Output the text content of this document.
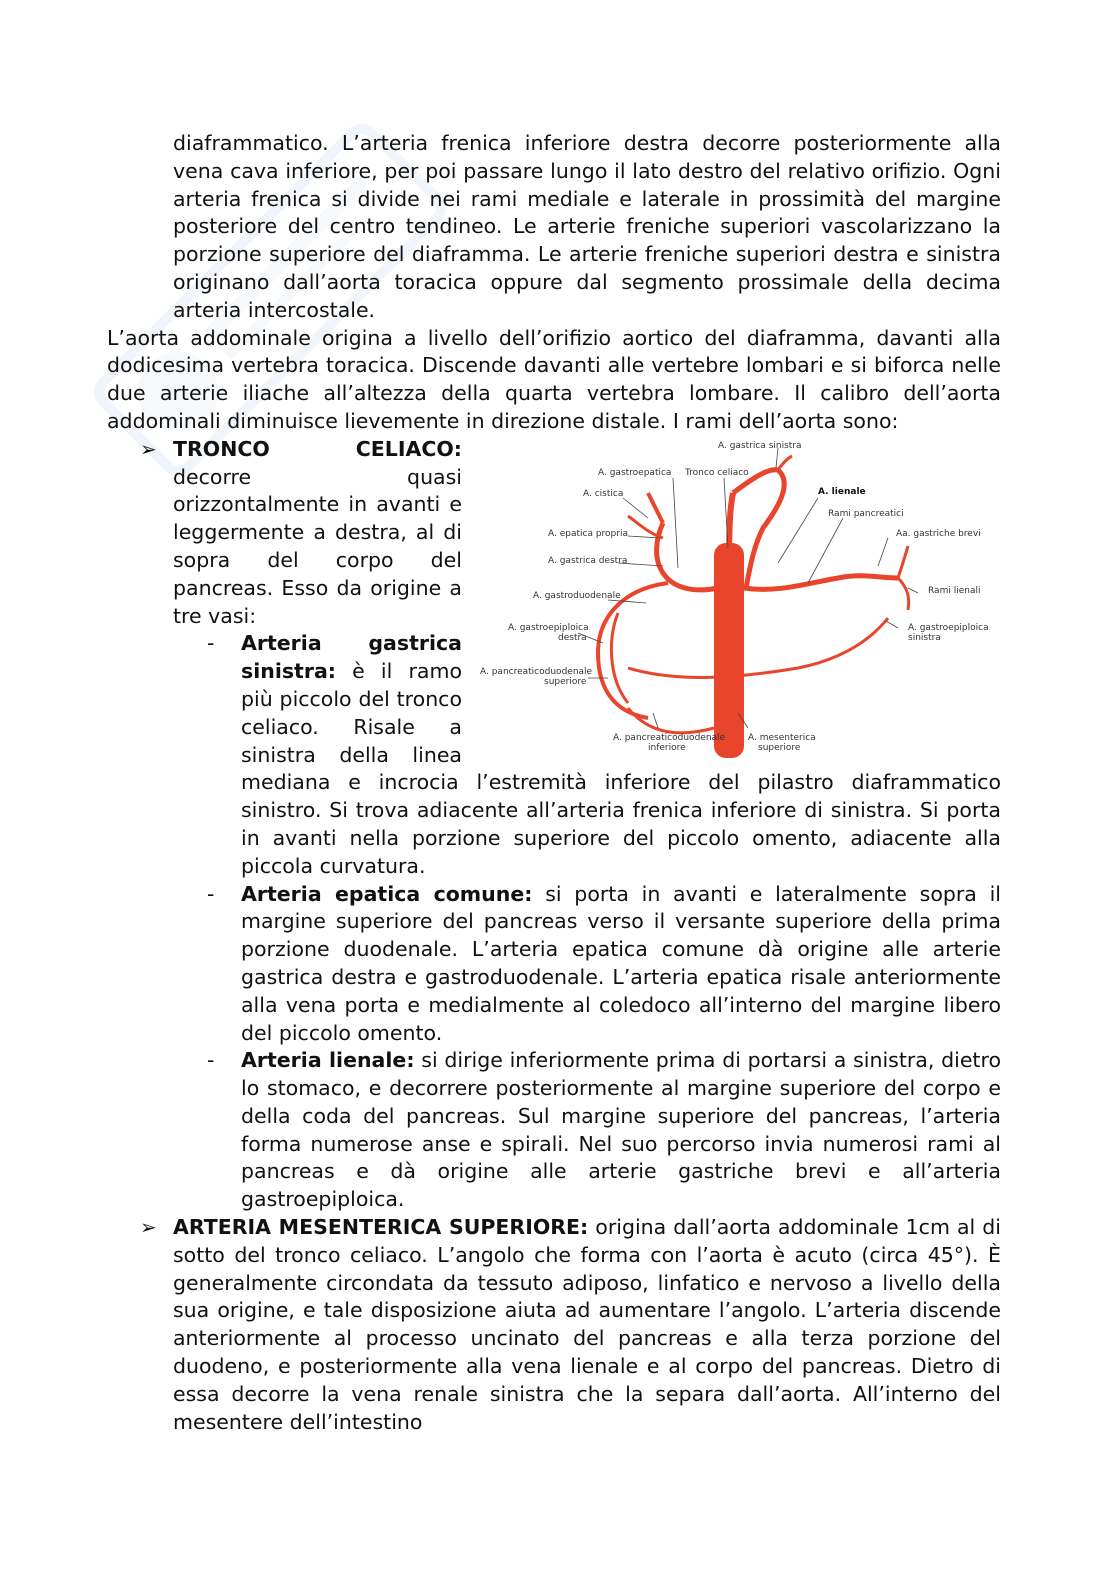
diaframmatico. L’arteria frenica inferiore destra decorre posteriormente alla vena cava inferiore, per poi passare lungo il lato destro del relativo orifizio. Ogni arteria frenica si divide nei rami mediale e laterale in prossimità del margine posteriore del centro tendineo. Le arterie freniche superiori vascolarizzano la porzione superiore del diaframma. Le arterie freniche superiori destra e sinistra originano dall’aorta toracica oppure dal segmento prossimale della decima arteria intercostale.

L’aorta addominale origina a livello dell’orifizio aortico del diaframma, davanti alla dodicesima vertebra toracica. Discende davanti alle vertebre lombari e si biforca nelle due arterie iliache all’altezza della quarta vertebra lombare. Il calibro dell’aorta addominali diminuisce lievemente in direzione distale. I rami dell’aorta sono:

➢	A. gastrica sinistra
A. gastroepatica Tronco celiaco
A. cistica	A. lienale
Rami pancreatici
A. epatica propria	Aa. gastriche brevi
A. gastrica destra
Rami lienali
A. gastroduodenale
A. gastroepiploica
destra
A. gastroepiploica
sinistra
A. pancreaticoduodenale
superiore
A. pancreaticoduodenale
inferiore
A. mesenterica
superiore

TRONCO CELIACO: decorre quasi orizzontalmente in avanti e leggermente a destra, al di sopra del corpo del pancreas. Esso da origine a tre vasi:

- Arteria gastrica sinistra: è il ramo più piccolo del tronco celiaco. Risale a sinistra della linea mediana e incrocia l’estremità inferiore del pilastro diaframmatico sinistro. Si trova adiacente all’arteria frenica inferiore di sinistra. Si porta in avanti nella porzione superiore del piccolo omento, adiacente alla piccola curvatura.

- Arteria epatica comune: si porta in avanti e lateralmente sopra il margine superiore del pancreas verso il versante superiore della prima porzione duodenale. L’arteria epatica comune dà origine alle arterie gastrica destra e gastroduodenale. L’arteria epatica risale anteriormente alla vena porta e medialmente al coledoco all’interno del margine libero del piccolo omento.

- Arteria lienale: si dirige inferiormente prima di portarsi a sinistra, dietro lo stomaco, e decorrere posteriormente al margine superiore del corpo e della coda del pancreas. Sul margine superiore del pancreas, l’arteria forma numerose anse e spirali. Nel suo percorso invia numerosi rami al pancreas e dà origine alle arterie gastriche brevi e all’arteria gastroepiploica.

➢ ARTERIA MESENTERICA SUPERIORE: origina dall’aorta addominale 1cm al di sotto del tronco celiaco. L’angolo che forma con l’aorta è acuto (circa 45°). È generalmente circondata da tessuto adiposo, linfatico e nervoso a livello della sua origine, e tale disposizione aiuta ad aumentare l’angolo. L’arteria discende anteriormente al processo uncinato del pancreas e alla terza porzione del duodeno, e posteriormente alla vena lienale e al corpo del pancreas. Dietro di essa decorre la vena renale sinistra che la separa dall’aorta. All’interno del mesentere dell’intestino
